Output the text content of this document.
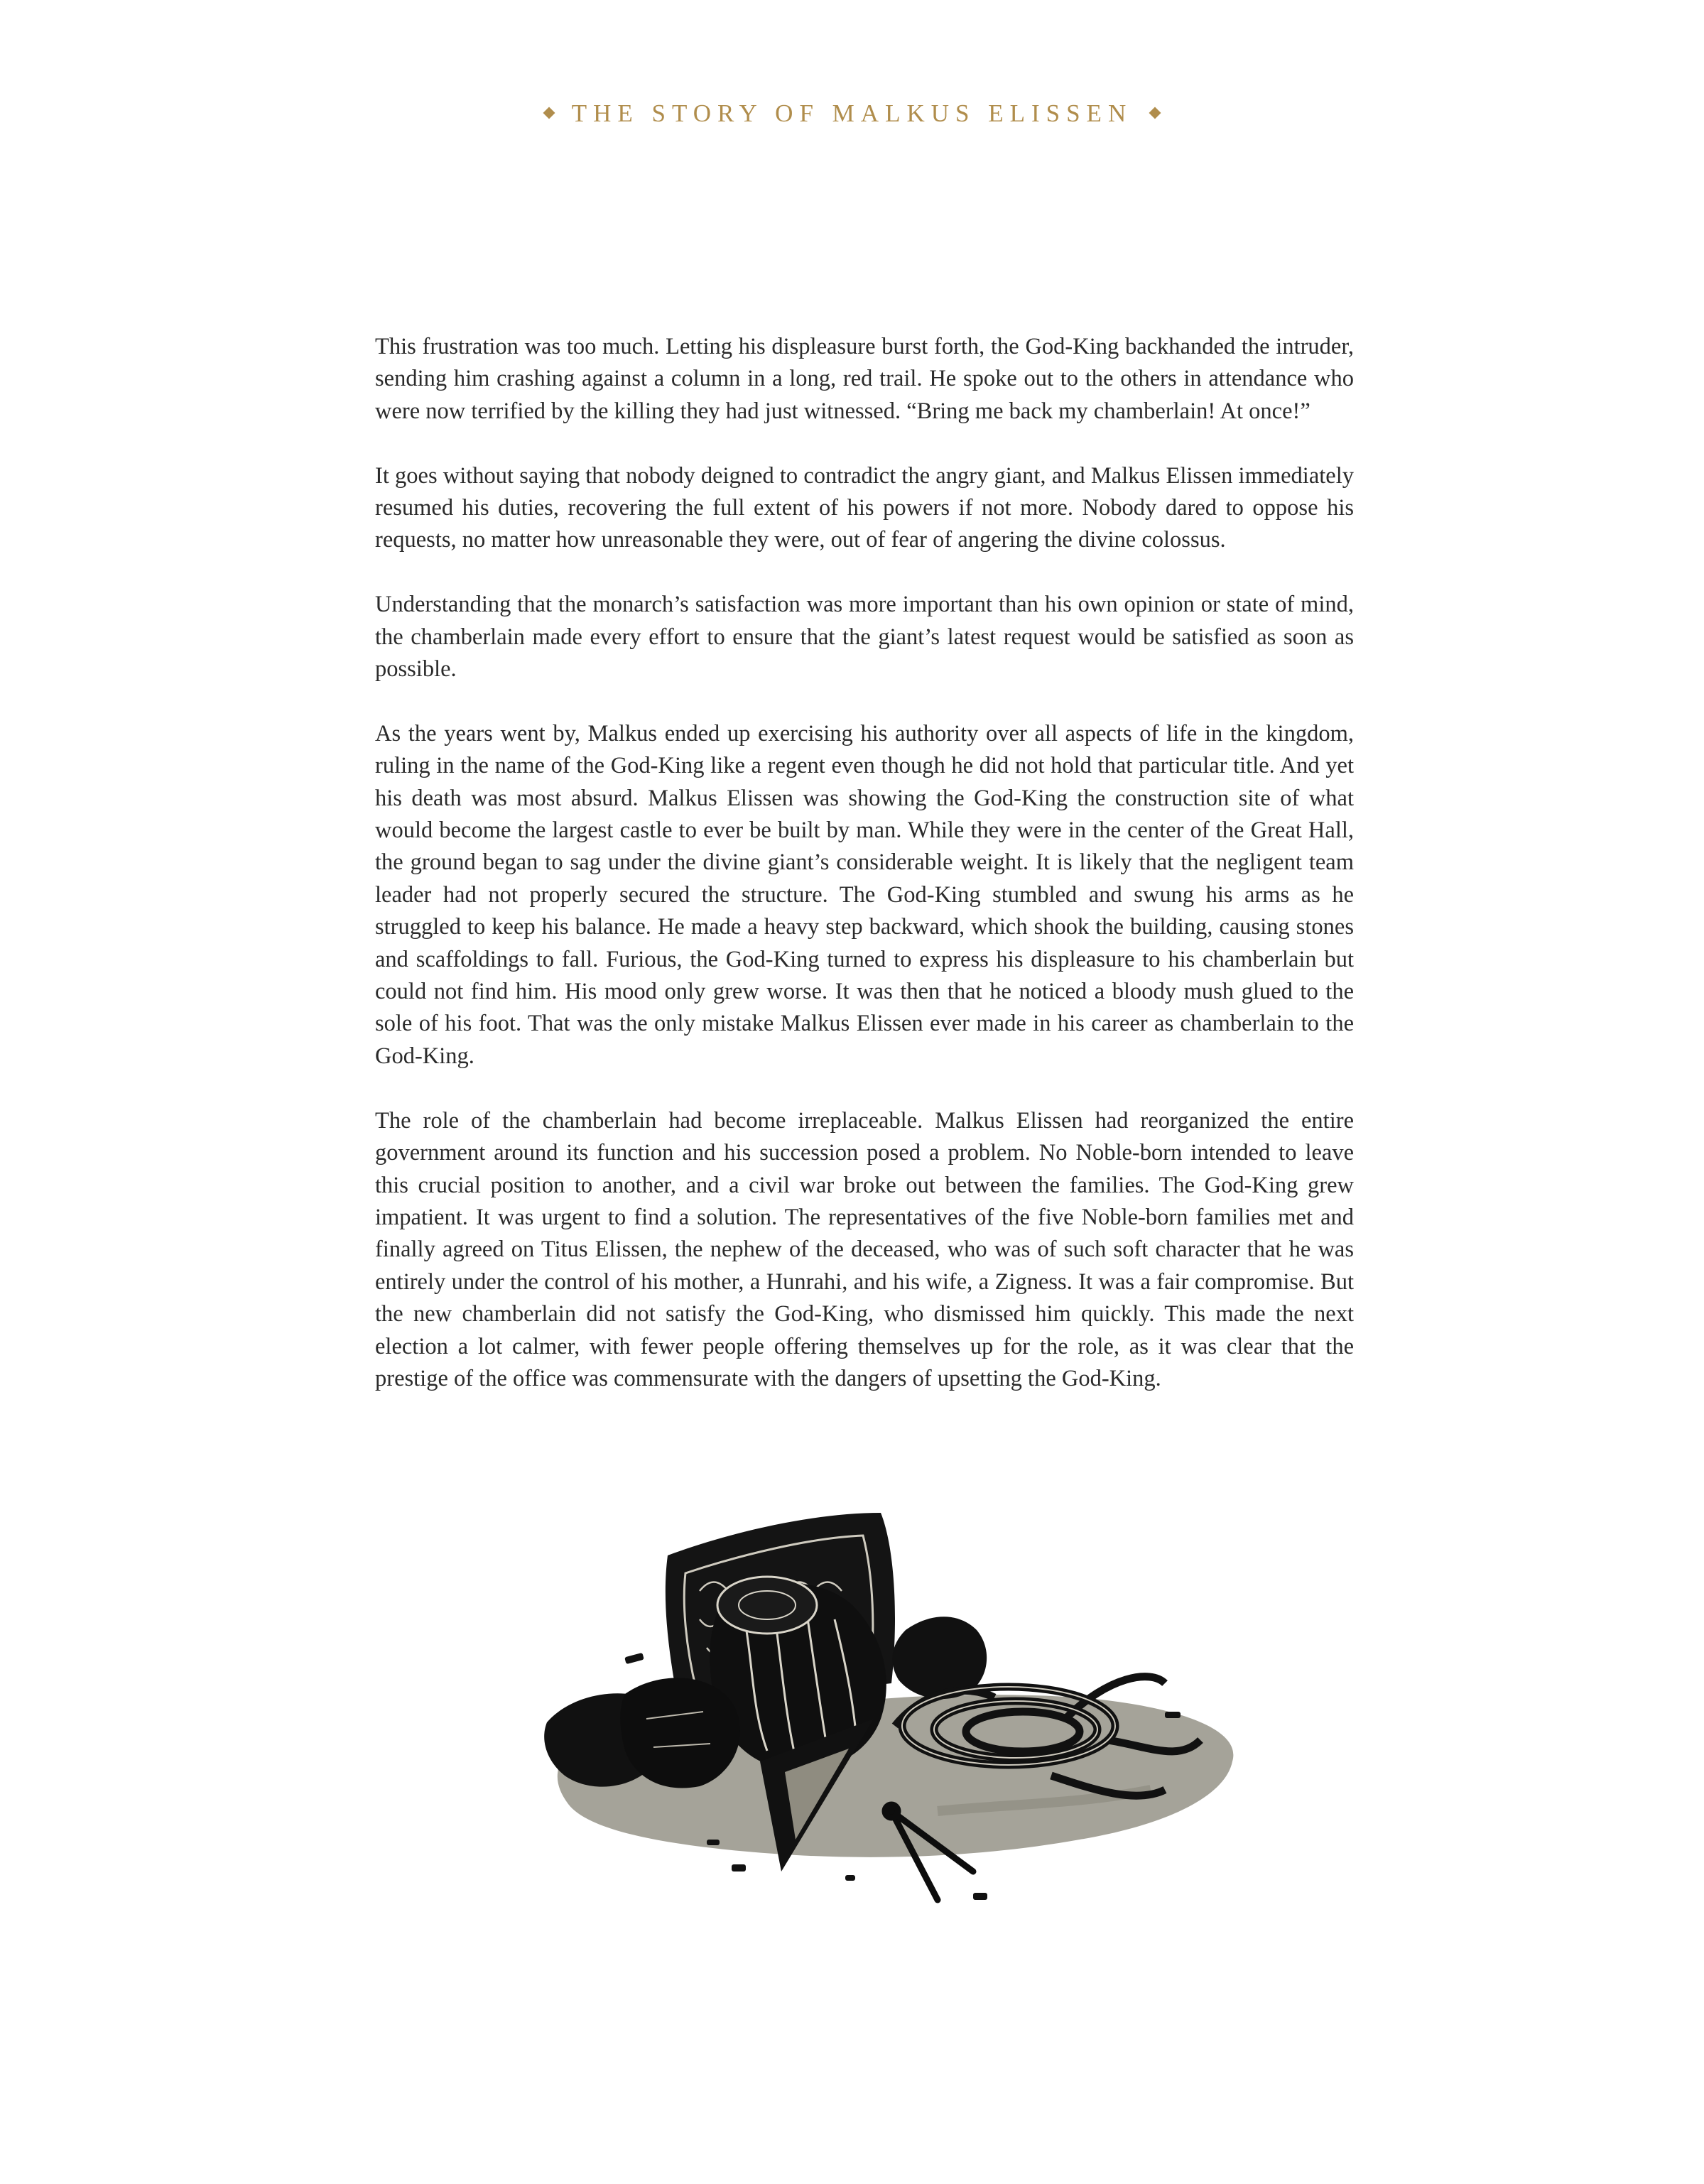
THE STORY OF MALKUS ELISSEN

This frustration was too much. Letting his displeasure burst forth, the God-King backhanded the intruder, sending him crashing against a column in a long, red trail. He spoke out to the others in attendance who were now terrified by the killing they had just witnessed. “Bring me back my chamberlain! At once!”

It goes without saying that nobody deigned to contradict the angry giant, and Malkus Elissen immediately resumed his duties, recovering the full extent of his powers if not more. Nobody dared to oppose his requests, no matter how unreasonable they were, out of fear of angering the divine colossus.

Understanding that the monarch’s satisfaction was more important than his own opinion or state of mind, the chamberlain made every effort to ensure that the giant’s latest request would be satisfied as soon as possible.

As the years went by, Malkus ended up exercising his authority over all aspects of life in the kingdom, ruling in the name of the God-King like a regent even though he did not hold that particular title. And yet his death was most absurd. Malkus Elissen was showing the God-King the construction site of what would become the largest castle to ever be built by man. While they were in the center of the Great Hall, the ground began to sag under the divine giant’s considerable weight. It is likely that the negligent team leader had not properly secured the structure. The God-King stumbled and swung his arms as he struggled to keep his balance. He made a heavy step backward, which shook the building, causing stones and scaffoldings to fall. Furious, the God-King turned to express his displeasure to his chamberlain but could not find him. His mood only grew worse. It was then that he noticed a bloody mush glued to the sole of his foot. That was the only mistake Malkus Elissen ever made in his career as chamberlain to the God-King.

The role of the chamberlain had become irreplaceable. Malkus Elissen had reorganized the entire government around its function and his succession posed a problem. No Noble-born intended to leave this crucial position to another, and a civil war broke out between the families. The God-King grew impatient. It was urgent to find a solution. The representatives of the five Noble-born families met and finally agreed on Titus Elissen, the nephew of the deceased, who was of such soft character that he was entirely under the control of his mother, a Hunrahi, and his wife, a Zigness. It was a fair compromise. But the new chamberlain did not satisfy the God-King, who dismissed him quickly. This made the next election a lot calmer, with fewer people offering themselves up for the role, as it was clear that the prestige of the office was commensurate with the dangers of upsetting the God-King.
